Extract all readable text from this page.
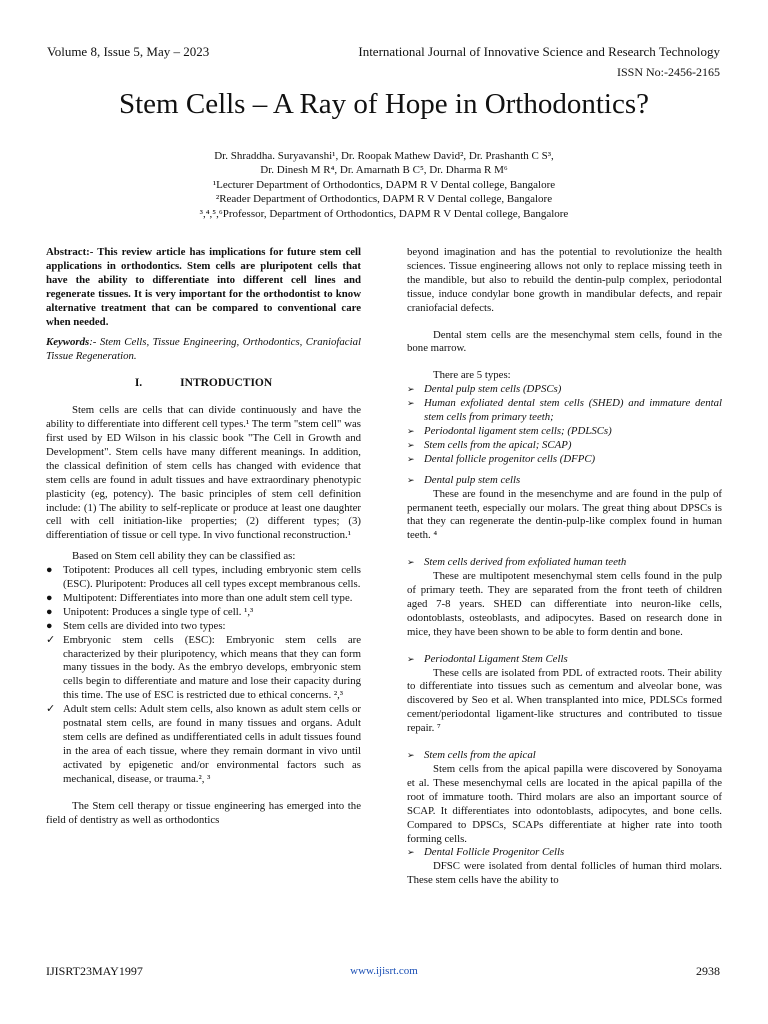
Volume 8, Issue 5, May – 2023	International Journal of Innovative Science and Research Technology
ISSN No:-2456-2165
Stem Cells – A Ray of Hope in Orthodontics?
Dr. Shraddha. Suryavanshi¹, Dr. Roopak Mathew David², Dr. Prashanth C S³,
Dr. Dinesh M R⁴, Dr. Amarnath B C⁵, Dr. Dharma R M⁶
¹Lecturer Department of Orthodontics, DAPM R V Dental college, Bangalore
²Reader Department of Orthodontics, DAPM R V Dental college, Bangalore
³,⁴,⁵,⁶Professor, Department of Orthodontics, DAPM R V Dental college, Bangalore

Abstract:- This review article has implications for future stem cell applications in orthodontics. Stem cells are pluripotent cells that have the ability to differentiate into different cell lines and regenerate tissues. It is very important for the orthodontist to know alternative treatment that can be compared to conventional care when needed.

Keywords:- Stem Cells, Tissue Engineering, Orthodontics, Craniofacial Tissue Regeneration.

I.	INTRODUCTION

Stem cells are cells that can divide continuously and have the ability to differentiate into different cell types.¹ The term "stem cell" was first used by ED Wilson in his classic book "The Cell in Growth and Development". Stem cells have many different meanings. In addition, the classical definition of stem cells has changed with evidence that stem cells are found in adult tissues and have extraordinary phenotypic plasticity (eg, potency). The basic principles of stem cell definition include: (1) The ability to self-replicate or produce at least one daughter cell with cell initiation-like properties; (2) different types; (3) differentiation of tissue or cell type. In vivo functional reconstruction.¹

Based on Stem cell ability they can be classified as:

● Totipotent: Produces all cell types, including embryonic stem cells (ESC). Pluripotent: Produces all cell types except membranous cells.
● Multipotent: Differentiates into more than one adult stem cell type.
● Unipotent: Produces a single type of cell. ¹,³
● Stem cells are divided into two types:
✓ Embryonic stem cells (ESC): Embryonic stem cells are characterized by their pluripotency, which means that they can form many tissues in the body. As the embryo develops, embryonic stem cells begin to differentiate and mature and lose their capacity during this time. The use of ESC is restricted due to ethical concerns. ²,³
✓ Adult stem cells: Adult stem cells, also known as adult stem cells or postnatal stem cells, are found in many tissues and organs. Adult stem cells are defined as undifferentiated cells in adult tissues found in the area of each tissue, where they remain dormant in vivo until activated by epigenetic and/or environmental factors such as mechanical, disease, or trauma.², ³

The Stem cell therapy or tissue engineering has emerged into the field of dentistry as well as orthodontics

beyond imagination and has the potential to revolutionize the health sciences. Tissue engineering allows not only to replace missing teeth in the mandible, but also to rebuild the dentin-pulp complex, periodontal tissue, induce condylar bone growth in mandibular defects, and repair craniofacial defects.

Dental stem cells are the mesenchymal stem cells, found in the bone marrow.

There are 5 types:

➢ Dental pulp stem cells (DPSCs)
➢ Human exfoliated dental stem cells (SHED) and immature dental stem cells from primary teeth;
➢ Periodontal ligament stem cells; (PDLSCs)
➢ Stem cells from the apical; SCAP)
➢ Dental follicle progenitor cells (DFPC)

➢ Dental pulp stem cells

These are found in the mesenchyme and are found in the pulp of permanent teeth, especially our molars. The great thing about DPSCs is that they can regenerate the dentin-pulp-like complex found in human teeth. ⁴

➢ Stem cells derived from exfoliated human teeth

These are multipotent mesenchymal stem cells found in the pulp of primary teeth. They are separated from the front teeth of children aged 7-8 years. SHED can differentiate into neuron-like cells, odontoblasts, osteoblasts, and adipocytes. Based on research done in mice, they have been shown to be able to form dentin and bone.

➢ Periodontal Ligament Stem Cells

These cells are isolated from PDL of extracted roots. Their ability to differentiate into tissues such as cementum and alveolar bone, was discovered by Seo et al. When transplanted into mice, PDLSCs formed cement/periodontal ligament-like structures and contributed to tissue repair. ⁷

➢ Stem cells from the apical

Stem cells from the apical papilla were discovered by Sonoyama et al. These mesenchymal cells are located in the apical papilla of the root of immature tooth. Third molars are also an important source of SCAP. It differentiates into odontoblasts, adipocytes, and bone cells. Compared to DPSCs, SCAPs differentiate at higher rate into tooth forming cells.

➢ Dental Follicle Progenitor Cells

DFSC were isolated from dental follicles of human third molars. These stem cells have the ability to

IJISRT23MAY1997	www.ijisrt.com	2938
